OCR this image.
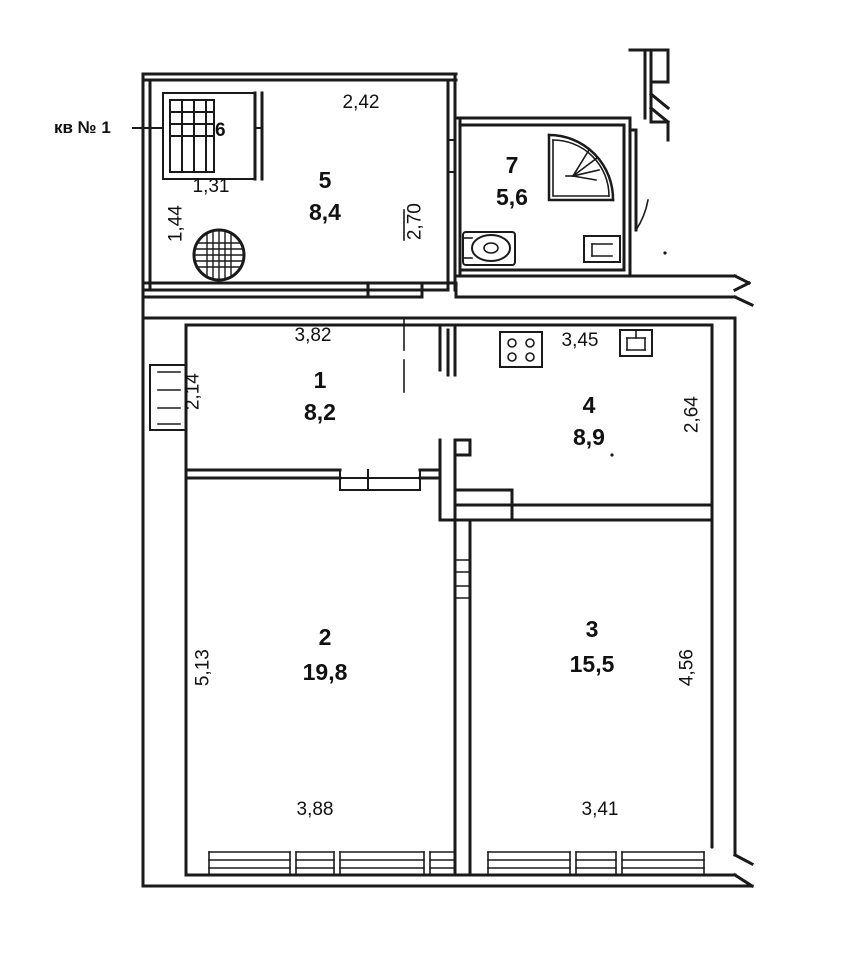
кв № 1	6
5
8,4
7
5,6
1
8,2	4
8,9
2
19,8
3
15,5
2,42
1,31
3,82	3,45
3,88	3,41
1,44	2,70
2,14
2,64
5,13	4,56
